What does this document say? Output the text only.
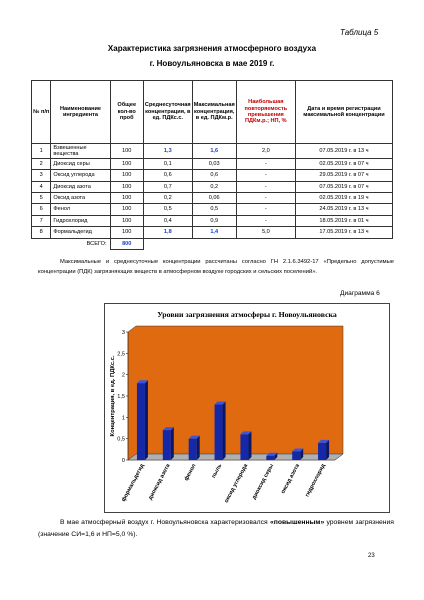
Таблица 5
Характеристика загрязнения атмосферного воздуха
г. Новоульяновска в мае 2019 г.
№ п/п	Наименование ингредиента	Общее кол-во проб	Среднесуточная концентрация, в ед. ПДКс.с.	Максимальная концентрация, в ед. ПДКм.р.	Наибольшая повторяемость превышения ПДКм.р.; НП, %	Дата и время регистрации максимальной концентрации
1	Взвешенные вещества	100	1,3	1,6	2,0	07.05.2019 г. в 13 ч
2	Диоксид серы	100	0,1	0,03	-	02.05.2019 г. в 07 ч
3	Оксид углерода	100	0,6	0,6	-	29.05.2019 г. в 07 ч
4	Диоксид азота	100	0,7	0,2	-	07.05.2019 г. в 07 ч
5	Оксид азота	100	0,2	0,06	-	02.05.2019 г. в 19 ч
6	Фенол	100	0,5	0,5	-	24.05.2019 г. в 13 ч
7	Гидрохлорид	100	0,4	0,9	-	18.05.2019 г. в 01 ч
8	Формальдегид	100	1,8	1,4	5,0	17.05.2019 г. в 13 ч
ВСЕГО:		800				
Максимальные и среднесуточные концентрации рассчитаны согласно ГН 2.1.6.3492-17 «Предельно допустимые концентрации (ПДК) загрязняющих веществ в атмосферном воздухе городских и сельских поселений».
Диаграмма 6
Уровни загрязнения атмосферы г. Новоульяновска
0
0,5
1
1,5
2
2,5
3
Концентрация, в ед. ПДКс.с.
формальдегид диоксид азота фенол пыль оксид углерода диоксид серы оксид азота гидрохлорид
В мае атмосферный воздух г. Новоульяновска характеризовался «повышенным» уровнем загрязнения (значение СИ=1,6 и НП=5,0 %).
23
